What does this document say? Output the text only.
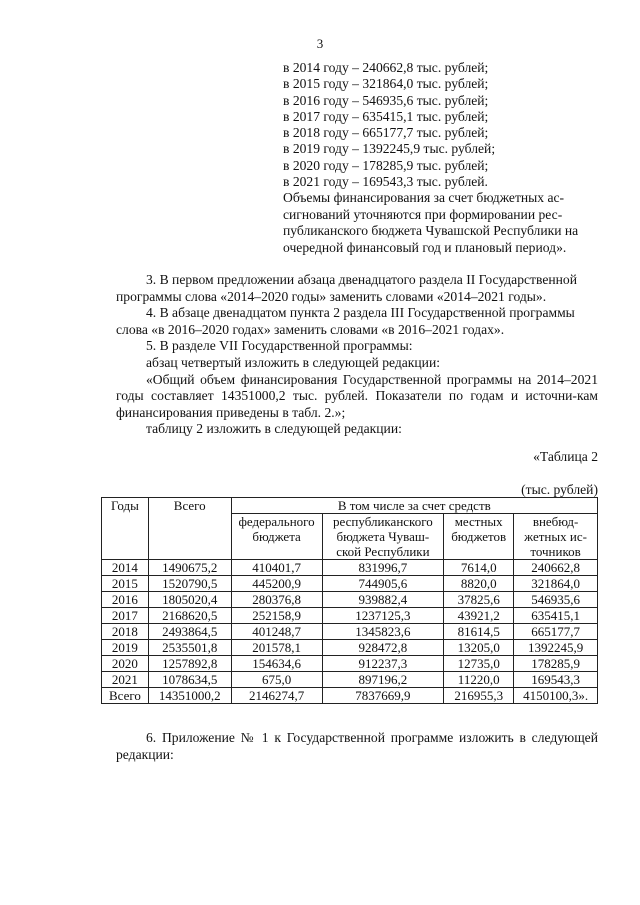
3
в 2014 году – 240662,8 тыс. рублей;
в 2015 году – 321864,0 тыс. рублей;
в 2016 году – 546935,6 тыс. рублей;
в 2017 году – 635415,1 тыс. рублей;
в 2018 году – 665177,7 тыс. рублей;
в 2019 году – 1392245,9 тыс. рублей;
в 2020 году – 178285,9 тыс. рублей;
в 2021 году – 169543,3 тыс. рублей.
Объемы финансирования за счет бюджетных ас-
сигнований уточняются при формировании рес-
публиканского бюджета Чувашской Республики на
очередной финансовый год и плановый период».

3. В первом предложении абзаца двенадцатого раздела II Государственной

программы слова «2014–2020 годы» заменить словами «2014–2021 годы».

4. В абзаце двенадцатом пункта 2 раздела III Государственной программы

слова «в 2016–2020 годах» заменить словами «в 2016–2021 годах».

5. В разделе VII Государственной программы:

абзац четвертый изложить в следующей редакции:

«Общий объем финансирования Государственной программы на 2014–2021 годы составляет 14351000,2 тыс. рублей. Показатели по годам и источни-кам финансирования приведены в табл. 2.»;

таблицу 2 изложить в следующей редакции:

«Таблица 2
(тыс. рублей)
Годы	Всего	В том числе за счет средств			
		федерального бюджета	республиканского бюджета Чуваш-ской Республики	местных бюджетов	внебюд-жетных ис-точников
2014	1490675,2	410401,7	831996,7	7614,0	240662,8
2015	1520790,5	445200,9	744905,6	8820,0	321864,0
2016	1805020,4	280376,8	939882,4	37825,6	546935,6
2017	2168620,5	252158,9	1237125,3	43921,2	635415,1
2018	2493864,5	401248,7	1345823,6	81614,5	665177,7
2019	2535501,8	201578,1	928472,8	13205,0	1392245,9
2020	1257892,8	154634,6	912237,3	12735,0	178285,9
2021	1078634,5	675,0	897196,2	11220,0	169543,3
Всего	14351000,2	2146274,7	7837669,9	216955,3	4150100,3».

6. Приложение № 1 к Государственной программе изложить в следующей редакции:
